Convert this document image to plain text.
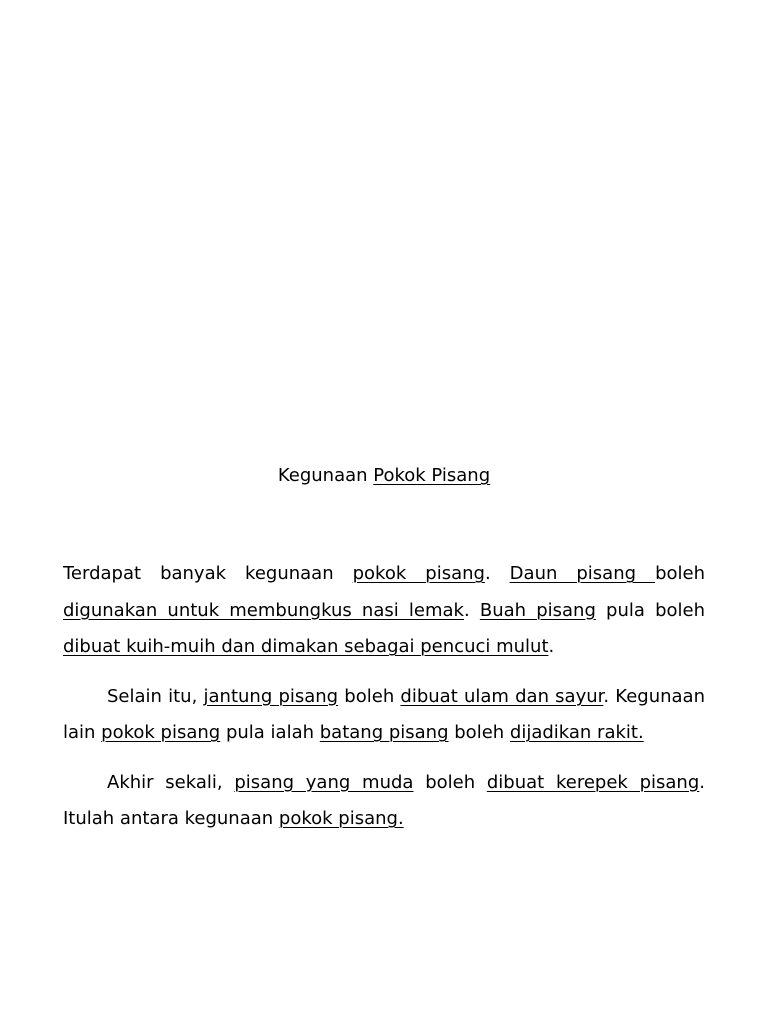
Kegunaan Pokok Pisang

Terdapat banyak kegunaan pokok pisang. Daun pisang boleh digunakan untuk membungkus nasi lemak. Buah pisang pula boleh dibuat kuih-muih dan dimakan sebagai pencuci mulut.

Selain itu, jantung pisang boleh dibuat ulam dan sayur. Kegunaan lain pokok pisang pula ialah batang pisang boleh dijadikan rakit.

Akhir sekali, pisang yang muda boleh dibuat kerepek pisang. Itulah antara kegunaan pokok pisang.
